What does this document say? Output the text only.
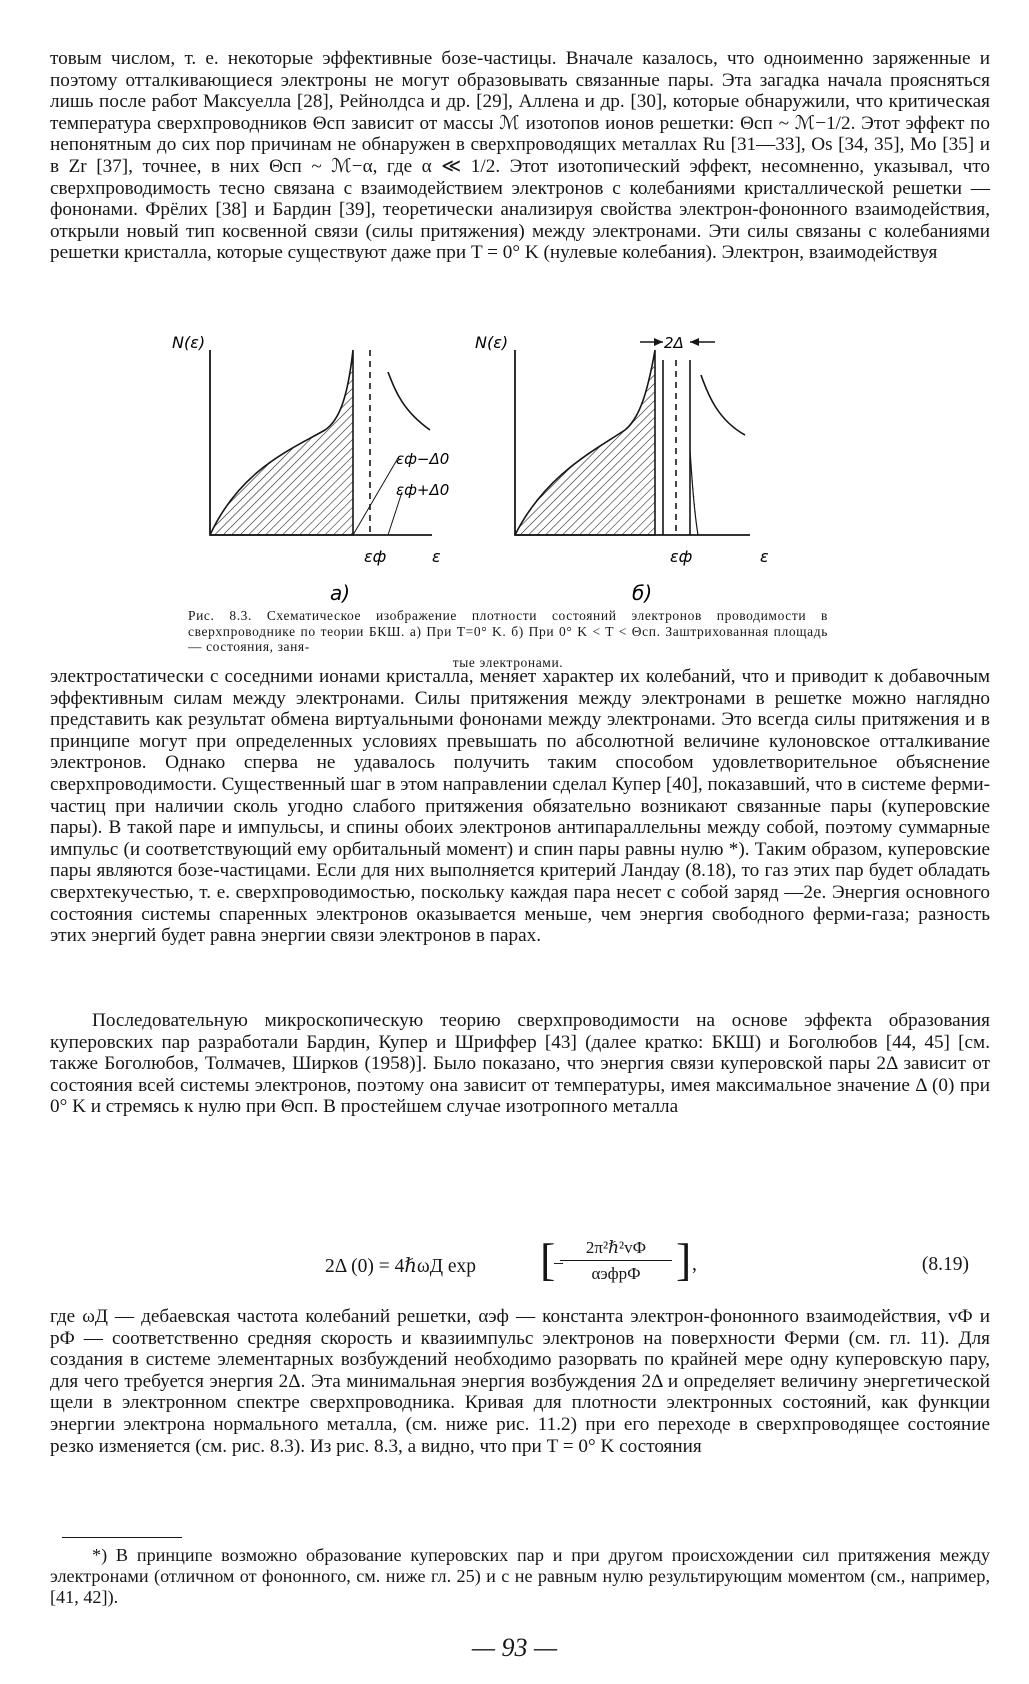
товым числом, т. е. некоторые эффективные бозе-частицы. Вначале казалось, что одноименно заряженные и поэтому отталкивающиеся электроны не могут образовывать связанные пары. Эта загадка начала проясняться лишь после работ Максуелла [28], Рейнолдса и др. [29], Аллена и др. [30], которые обнаружили, что критическая температура сверхпроводников Θсп зависит от массы ℳ изотопов ионов решетки: Θсп ~ ℳ−1/2. Этот эффект по непонятным до сих пор причинам не обнаружен в сверхпроводящих металлах Ru [31—33], Os [34, 35], Mo [35] и в Zr [37], точнее, в них Θсп ~ ℳ−α, где α ≪ 1/2. Этот изотопический эффект, несомненно, указывал, что сверхпроводимость тесно связана с взаимодействием электронов с колебаниями кристаллической решетки — фононами. Фрёлих [38] и Бардин [39], теоретически анализируя свойства электрон-фононного взаимодействия, открыли новый тип косвенной связи (силы притяжения) между электронами. Эти силы связаны с колебаниями решетки кристалла, которые существуют даже при T = 0° K (нулевые колебания). Электрон, взаимодействуя

N(ε)
εф−Δ0
εф+Δ0
εф	ε
а)
N(ε)	2Δ
εф	ε
б)
Рис. 8.3. Схематическое изображение плотности состояний электронов проводимости в сверхпроводнике по теории БКШ. а) При T=0° K. б) При 0° K < T < Θсп. Заштрихованная площадь — состояния, заня-
тые электронами.

электростатически с соседними ионами кристалла, меняет характер их колебаний, что и приводит к добавочным эффективным силам между электронами. Силы притяжения между электронами в решетке можно наглядно представить как результат обмена виртуальными фононами между электронами. Это всегда силы притяжения и в принципе могут при определенных условиях превышать по абсолютной величине кулоновское отталкивание электронов. Однако сперва не удавалось получить таким способом удовлетворительное объяснение сверхпроводимости. Существенный шаг в этом направлении сделал Купер [40], показавший, что в системе ферми-частиц при наличии сколь угодно слабого притяжения обязательно возникают связанные пары (куперовские пары). В такой паре и импульсы, и спины обоих электронов антипараллельны между собой, поэтому суммарные импульс (и соответствующий ему орбитальный момент) и спин пары равны нулю *). Таким образом, куперовские пары являются бозе-частицами. Если для них выполняется критерий Ландау (8.18), то газ этих пар будет обладать сверхтекучестью, т. е. сверхпроводимостью, поскольку каждая пара несет с собой заряд —2e. Энергия основного состояния системы спаренных электронов оказывается меньше, чем энергия свободного ферми-газа; разность этих энергий будет равна энергии связи электронов в парах.

Последовательную микроскопическую теорию сверхпроводимости на основе эффекта образования куперовских пар разработали Бардин, Купер и Шриффер [43] (далее кратко: БКШ) и Боголюбов [44, 45] [см. также Боголюбов, Толмачев, Ширков (1958)]. Было показано, что энергия связи куперовской пары 2Δ зависит от состояния всей системы электронов, поэтому она зависит от температуры, имея максимальное значение Δ (0) при 0° K и стремясь к нулю при Θсп. В простейшем случае изотропного металла

2Δ (0) = 4ℏωД exp [
−
2π²ℏ²vФ
αэфpФ ] ,	(8.19)

где ωД — дебаевская частота колебаний решетки, αэф — константа электрон-фононного взаимодействия, vФ и pФ — соответственно средняя скорость и квазиимпульс электронов на поверхности Ферми (см. гл. 11). Для создания в системе элементарных возбуждений необходимо разорвать по крайней мере одну куперовскую пару, для чего требуется энергия 2Δ. Эта минимальная энергия возбуждения 2Δ и определяет величину энергетической щели в электронном спектре сверхпроводника. Кривая для плотности электронных состояний, как функции энергии электрона нормального металла, (см. ниже рис. 11.2) при его переходе в сверхпроводящее состояние резко изменяется (см. рис. 8.3). Из рис. 8.3, а видно, что при T = 0° K состояния

*) В принципе возможно образование куперовских пар и при другом происхождении сил притяжения между электронами (отличном от фононного, см. ниже гл. 25) и с не равным нулю результирующим моментом (см., например, [41, 42]).

— 93 —
